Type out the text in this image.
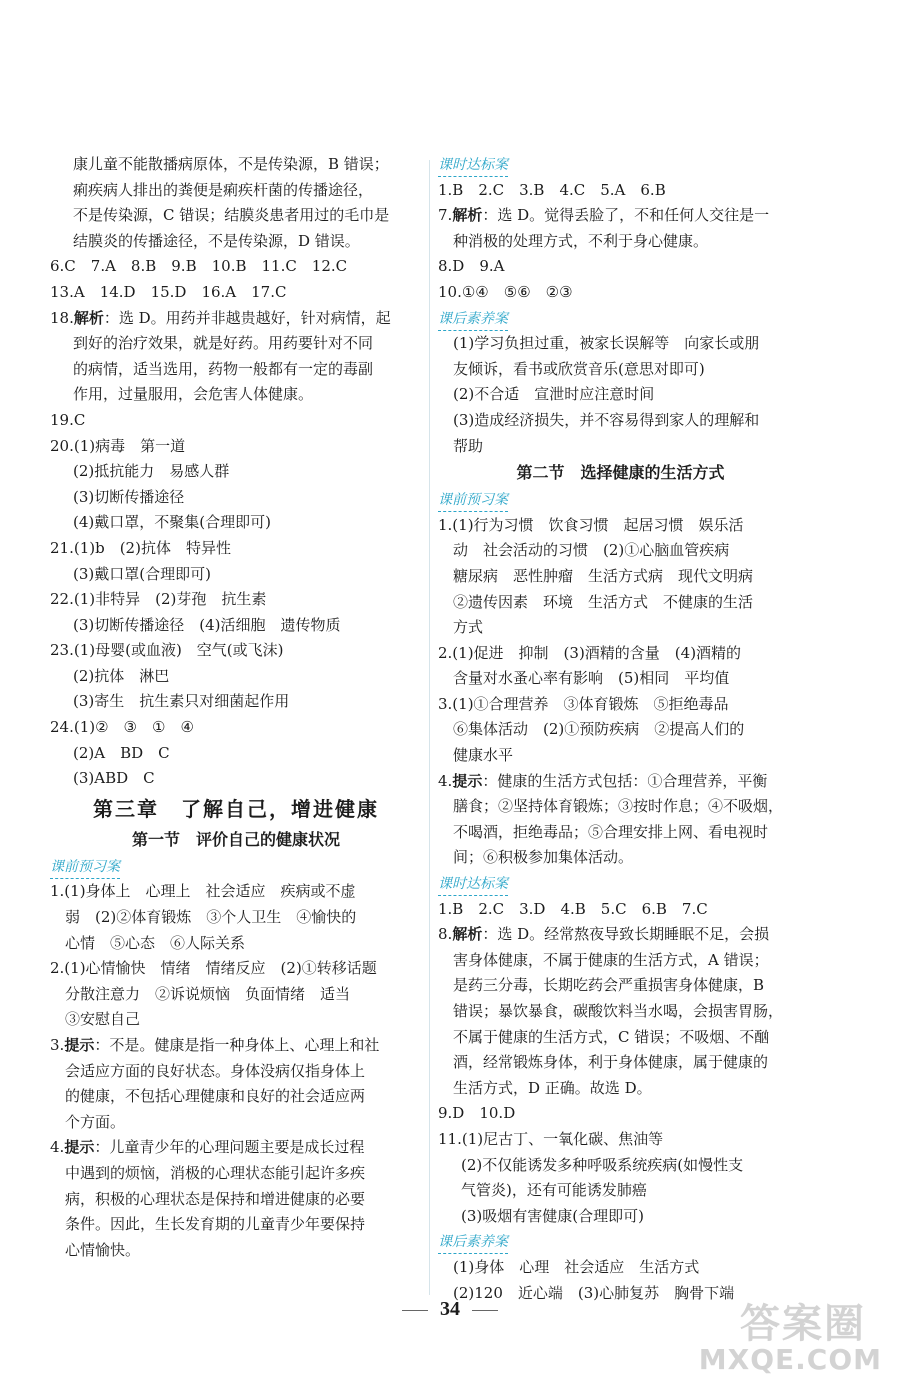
康儿童不能散播病原体，不是传染源，B 错误；
痢疾病人排出的粪便是痢疾杆菌的传播途径，
不是传染源，C 错误；结膜炎患者用过的毛巾是
结膜炎的传播途径，不是传染源，D 错误。
6.C　7.A　8.B　9.B　10.B　11.C　12.C
13.A　14.D　15.D　16.A　17.C
18.解析：选 D。用药并非越贵越好，针对病情，起
到好的治疗效果，就是好药。用药要针对不同
的病情，适当选用，药物一般都有一定的毒副
作用，过量服用，会危害人体健康。
19.C
20.(1)病毒　第一道
(2)抵抗能力　易感人群
(3)切断传播途径
(4)戴口罩，不聚集(合理即可)
21.(1)b　(2)抗体　特异性
(3)戴口罩(合理即可)
22.(1)非特异　(2)芽孢　抗生素
(3)切断传播途径　(4)活细胞　遗传物质
23.(1)母婴(或血液)　空气(或飞沫)
(2)抗体　淋巴
(3)寄生　抗生素只对细菌起作用
24.(1)②　③　①　④
(2)A　BD　C
(3)ABD　C
第三章　了解自己，增进健康
第一节　评价自己的健康状况
课前预习案
1.(1)身体上　心理上　社会适应　疾病或不虚
弱　(2)②体育锻炼　③个人卫生　④愉快的
心情　⑤心态　⑥人际关系
2.(1)心情愉快　情绪　情绪反应　(2)①转移话题
分散注意力　②诉说烦恼　负面情绪　适当
③安慰自己
3.提示：不是。健康是指一种身体上、心理上和社
会适应方面的良好状态。身体没病仅指身体上
的健康，不包括心理健康和良好的社会适应两
个方面。
4.提示：儿童青少年的心理问题主要是成长过程
中遇到的烦恼，消极的心理状态能引起许多疾
病，积极的心理状态是保持和增进健康的必要
条件。因此，生长发育期的儿童青少年要保持
心情愉快。
课时达标案
1.B　2.C　3.B　4.C　5.A　6.B
7.解析：选 D。觉得丢脸了，不和任何人交往是一
种消极的处理方式，不利于身心健康。
8.D　9.A
10.①④　⑤⑥　②③
课后素养案
(1)学习负担过重，被家长误解等　向家长或朋
友倾诉，看书或欣赏音乐(意思对即可)
(2)不合适　宣泄时应注意时间
(3)造成经济损失，并不容易得到家人的理解和
帮助
第二节　选择健康的生活方式
课前预习案
1.(1)行为习惯　饮食习惯　起居习惯　娱乐活
动　社会活动的习惯　(2)①心脑血管疾病
糖尿病　恶性肿瘤　生活方式病　现代文明病
②遗传因素　环境　生活方式　不健康的生活
方式
2.(1)促进　抑制　(3)酒精的含量　(4)酒精的
含量对水蚤心率有影响　(5)相同　平均值
3.(1)①合理营养　③体育锻炼　⑤拒绝毒品
⑥集体活动　(2)①预防疾病　②提高人们的
健康水平
4.提示：健康的生活方式包括：①合理营养，平衡
膳食；②坚持体育锻炼；③按时作息；④不吸烟，
不喝酒，拒绝毒品；⑤合理安排上网、看电视时
间；⑥积极参加集体活动。
课时达标案
1.B　2.C　3.D　4.B　5.C　6.B　7.C
8.解析：选 D。经常熬夜导致长期睡眠不足，会损
害身体健康，不属于健康的生活方式，A 错误；
是药三分毒，长期吃药会严重损害身体健康，B
错误；暴饮暴食，碳酸饮料当水喝，会损害胃肠，
不属于健康的生活方式，C 错误；不吸烟、不酗
酒，经常锻炼身体，利于身体健康，属于健康的
生活方式，D 正确。故选 D。
9.D　10.D
11.(1)尼古丁、一氧化碳、焦油等
(2)不仅能诱发多种呼吸系统疾病(如慢性支
气管炎)，还有可能诱发肺癌
(3)吸烟有害健康(合理即可)
课后素养案
(1)身体　心理　社会适应　生活方式
(2)120　近心端　(3)心肺复苏　胸骨下端
34	答案圈
MXQE.COM
